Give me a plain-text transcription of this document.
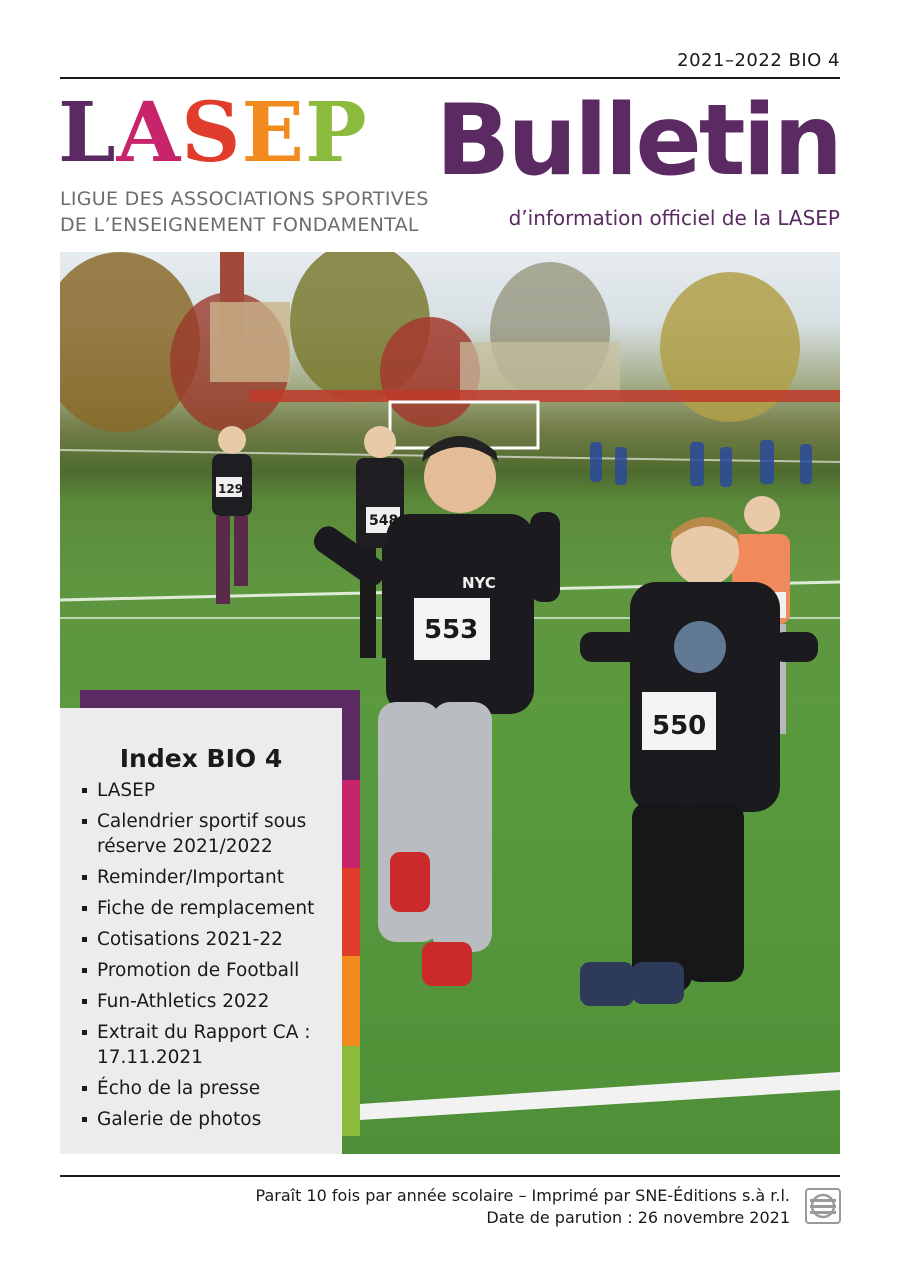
2021–2022 BIO 4
LASEP
LIGUE DES ASSOCIATIONS SPORTIVES
DE L’ENSEIGNEMENT FONDAMENTAL
Bulletin
d’information officiel de la LASEP
129
548
553
550
12
NYC
Index BIO 4
LASEP
Calendrier sportif sous réserve 2021/2022
Reminder/Important
Fiche de remplacement
Cotisations 2021-22
Promotion de Football
Fun-Athletics 2022
Extrait du Rapport CA : 17.11.2021
Écho de la presse
Galerie de photos
Paraît 10 fois par année scolaire – Imprimé par SNE-Éditions s.à r.l.
Date de parution : 26 novembre 2021
